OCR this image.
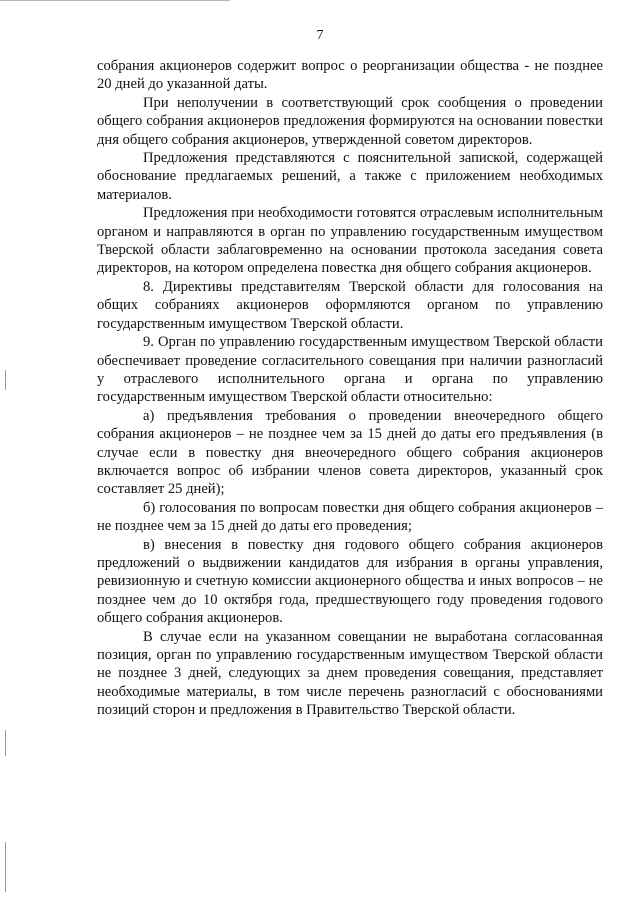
7

собрания акционеров содержит вопрос о реорганизации общества - не позднее 20 дней до указанной даты.

При неполучении в соответствующий срок сообщения о проведении общего собрания акционеров предложения формируются на основании повестки дня общего собрания акционеров, утвержденной советом директоров.

Предложения представляются с пояснительной запиской, содержащей обоснование предлагаемых решений, а также с приложением необходимых материалов.

Предложения при необходимости готовятся отраслевым исполнительным органом и направляются в орган по управлению государственным имуществом Тверской области заблаговременно на основании протокола заседания совета директоров, на котором определена повестка дня общего собрания акционеров.

8. Директивы представителям Тверской области для голосования на общих собраниях акционеров оформляются органом по управлению государственным имуществом Тверской области.

9. Орган по управлению государственным имуществом Тверской области обеспечивает проведение согласительного совещания при наличии разногласий у отраслевого исполнительного органа и органа по управлению государственным имуществом Тверской области относительно:

а) предъявления требования о проведении внеочередного общего собрания акционеров – не позднее чем за 15 дней до даты его предъявления (в случае если в повестку дня внеочередного общего собрания акционеров включается вопрос об избрании членов совета директоров, указанный срок составляет 25 дней);

б) голосования по вопросам повестки дня общего собрания акционеров – не позднее чем за 15 дней до даты его проведения;

в) внесения в повестку дня годового общего собрания акционеров предложений о выдвижении кандидатов для избрания в органы управления, ревизионную и счетную комиссии акционерного общества и иных вопросов – не позднее чем до 10 октября года, предшествующего году проведения годового общего собрания акционеров.

В случае если на указанном совещании не выработана согласованная позиция, орган по управлению государственным имуществом Тверской области не позднее 3 дней, следующих за днем проведения совещания, представляет необходимые материалы, в том числе перечень разногласий с обоснованиями позиций сторон и предложения в Правительство Тверской области.
